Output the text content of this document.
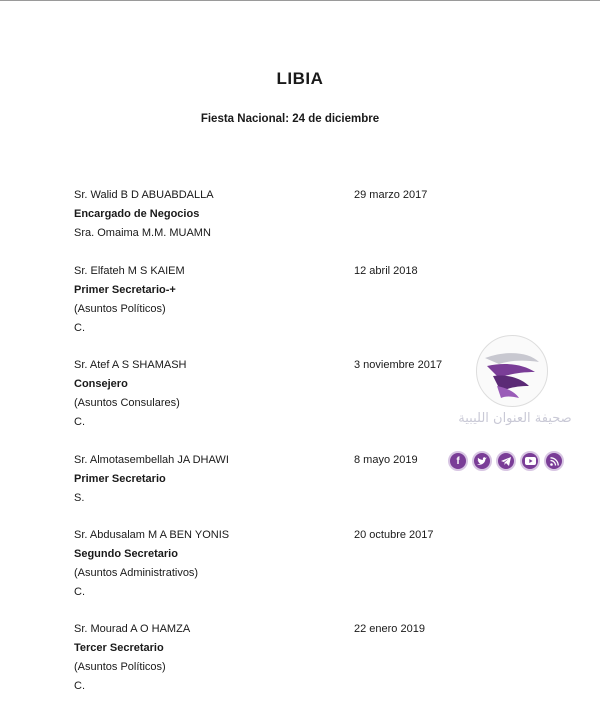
LIBIA
Fiesta Nacional: 24 de diciembre
Sr. Walid B D ABUABDALLA
Encargado de Negocios
Sra. Omaima M.M. MUAMN
29 marzo 2017
Sr. Elfateh M S KAIEM
Primer Secretario-+
(Asuntos Políticos)
C.
12 abril 2018
Sr. Atef A S SHAMASH
Consejero
(Asuntos Consulares)
C.
3 noviembre 2017
Sr. Almotasembellah JA DHAWI
Primer Secretario
S.
8 mayo 2019
Sr. Abdusalam M A BEN YONIS
Segundo Secretario
(Asuntos Administrativos)
C.
20 octubre 2017
Sr. Mourad A O HAMZA
Tercer Secretario
(Asuntos Políticos)
C.
22 enero 2019
صحيفة العنوان الليبية
f
